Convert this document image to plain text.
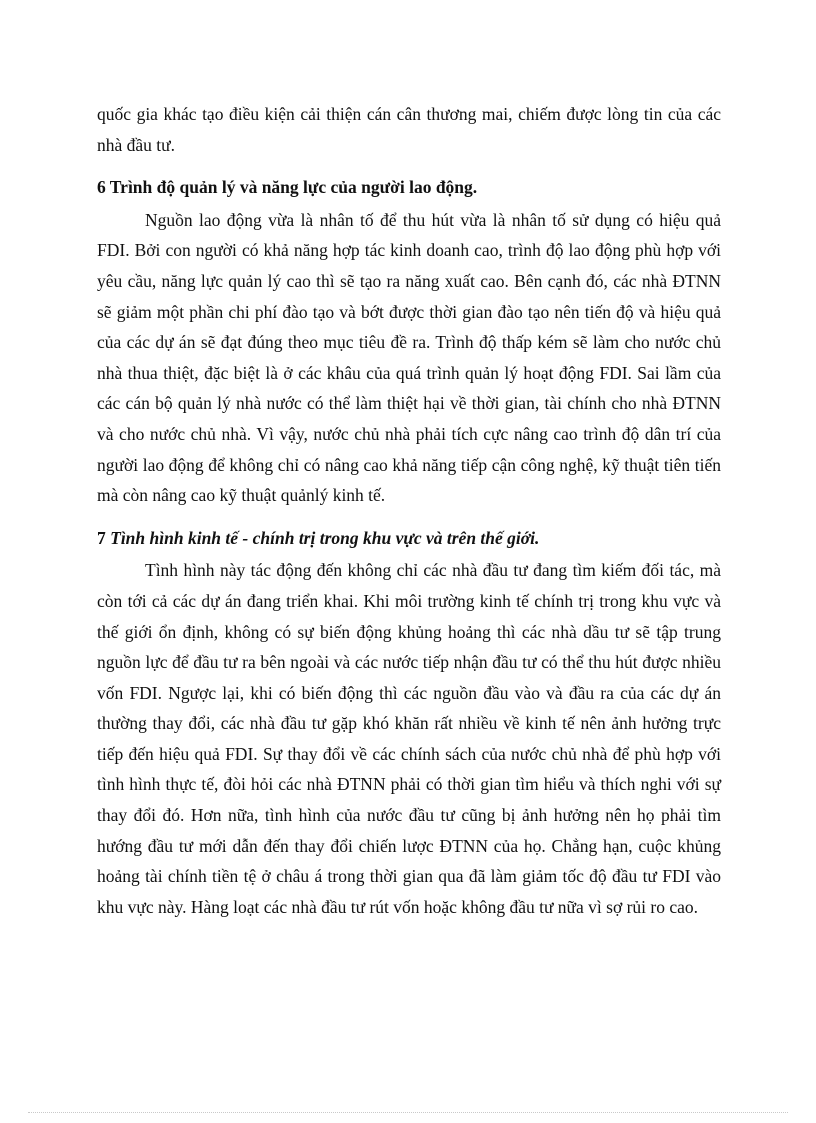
quốc gia khác tạo điều kiện cải thiện cán cân thương mai, chiếm được lòng tin của các nhà đầu tư.

6 Trình độ quản lý và năng lực của người lao động.

Nguồn lao động vừa là nhân tố để thu hút vừa là nhân tố sử dụng có hiệu quả FDI. Bởi con người có khả năng hợp tác kinh doanh cao, trình độ lao động phù hợp với yêu cầu, năng lực quản lý cao thì sẽ tạo ra năng xuất cao. Bên cạnh đó, các nhà ĐTNN sẽ giảm một phần chi phí đào tạo và bớt được thời gian đào tạo nên tiến độ và hiệu quả của các dự án sẽ đạt đúng theo mục tiêu đề ra. Trình độ thấp kém sẽ làm cho nước chủ nhà thua thiệt, đặc biệt là ở các khâu của quá trình quản lý hoạt động FDI. Sai lầm của các cán bộ quản lý nhà nước có thể làm thiệt hại về thời gian, tài chính cho nhà ĐTNN và cho nước chủ nhà. Vì vậy, nước chủ nhà phải tích cực nâng cao trình độ dân trí của người lao động để không chỉ có nâng cao khả năng tiếp cận công nghệ, kỹ thuật tiên tiến mà còn nâng cao kỹ thuật quảnlý kinh tế.

7 Tình hình kinh tế - chính trị trong khu vực và trên thế giới.

Tình hình này tác động đến không chỉ các nhà đầu tư đang tìm kiếm đối tác, mà còn tới cả các dự án đang triển khai. Khi môi trường kinh tế chính trị trong khu vực và thế giới ổn định, không có sự biến động khủng hoảng thì các nhà dầu tư sẽ tập trung nguồn lực để đầu tư ra bên ngoài và các nước tiếp nhận đầu tư có thể thu hút được nhiều vốn FDI. Ngược lại, khi có biến động thì các nguồn đầu vào và đầu ra của các dự án thường thay đổi, các nhà đầu tư gặp khó khăn rất nhiều về kinh tế nên ảnh hưởng trực tiếp đến hiệu quả FDI. Sự thay đổi về các chính sách của nước chủ nhà để phù hợp với tình hình thực tế, đòi hỏi các nhà ĐTNN phải có thời gian tìm hiểu và thích nghi với sự thay đổi đó. Hơn nữa, tình hình của nước đầu tư cũng bị ảnh hưởng nên họ phải tìm hướng đầu tư mới dẫn đến thay đổi chiến lược ĐTNN của họ. Chẳng hạn, cuộc khủng hoảng tài chính tiền tệ ở châu á trong thời gian qua đã làm giảm tốc độ đầu tư FDI vào khu vực này. Hàng loạt các nhà đầu tư rút vốn hoặc không đầu tư nữa vì sợ rủi ro cao.
